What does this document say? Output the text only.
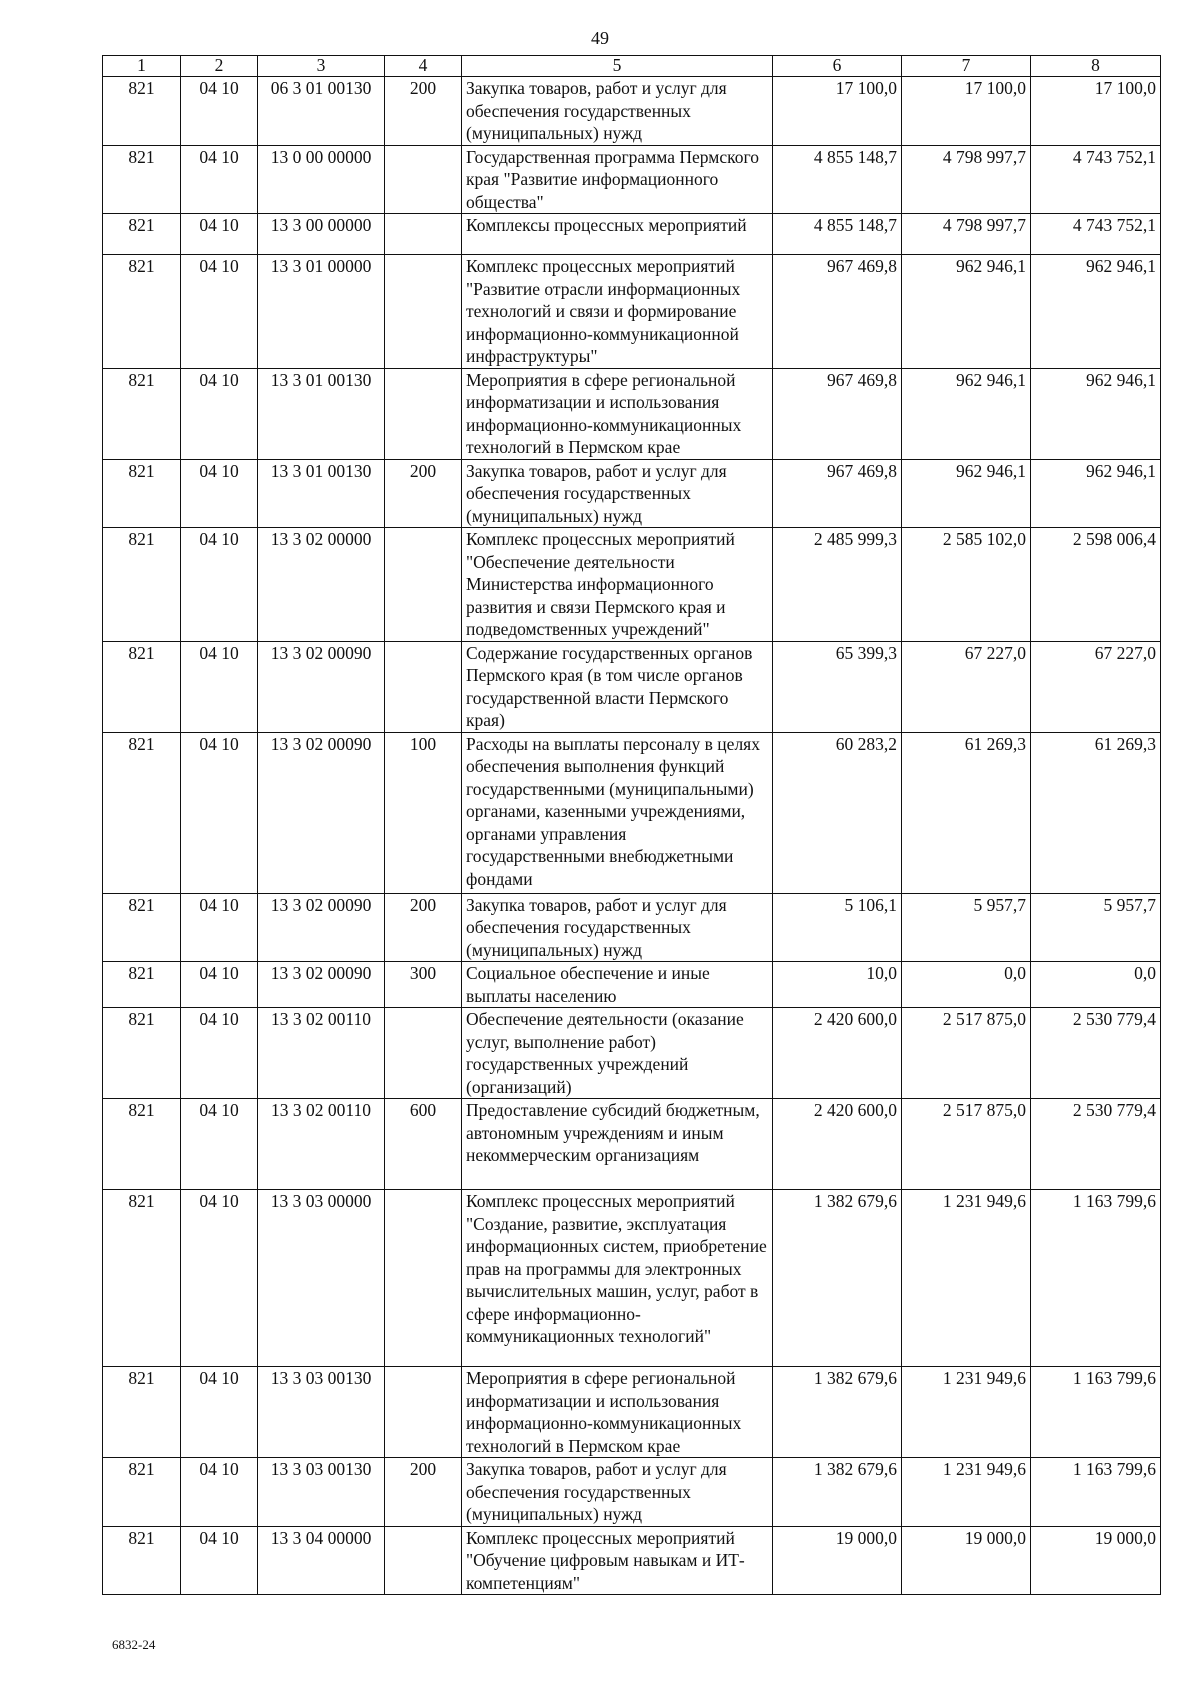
49
1	2	3	4	5	6	7	8
821	04 10	06 3 01 00130	200	Закупка товаров, работ и услуг для обеспечения государственных (муниципальных) нужд	17 100,0	17 100,0	17 100,0
821	04 10	13 0 00 00000		Государственная программа Пермского края "Развитие информационного общества"	4 855 148,7	4 798 997,7	4 743 752,1
821	04 10	13 3 00 00000		Комплексы процессных мероприятий	4 855 148,7	4 798 997,7	4 743 752,1
821	04 10	13 3 01 00000		Комплекс процессных мероприятий "Развитие отрасли информационных технологий и связи и формирование информационно-коммуникационной инфраструктуры"	967 469,8	962 946,1	962 946,1
821	04 10	13 3 01 00130		Мероприятия в сфере региональной информатизации и использования информационно-коммуникационных технологий в Пермском крае	967 469,8	962 946,1	962 946,1
821	04 10	13 3 01 00130	200	Закупка товаров, работ и услуг для обеспечения государственных (муниципальных) нужд	967 469,8	962 946,1	962 946,1
821	04 10	13 3 02 00000		Комплекс процессных мероприятий "Обеспечение деятельности Министерства информационного развития и связи Пермского края и подведомственных учреждений"	2 485 999,3	2 585 102,0	2 598 006,4
821	04 10	13 3 02 00090		Содержание государственных органов Пермского края (в том числе органов государственной власти Пермского края)	65 399,3	67 227,0	67 227,0
821	04 10	13 3 02 00090	100	Расходы на выплаты персоналу в целях обеспечения выполнения функций государственными (муниципальными) органами, казенными учреждениями, органами управления государственными внебюджетными фондами	60 283,2	61 269,3	61 269,3
821	04 10	13 3 02 00090	200	Закупка товаров, работ и услуг для обеспечения государственных (муниципальных) нужд	5 106,1	5 957,7	5 957,7
821	04 10	13 3 02 00090	300	Социальное обеспечение и иные выплаты населению	10,0	0,0	0,0
821	04 10	13 3 02 00110		Обеспечение деятельности (оказание услуг, выполнение работ) государственных учреждений (организаций)	2 420 600,0	2 517 875,0	2 530 779,4
821	04 10	13 3 02 00110	600	Предоставление субсидий бюджетным, автономным учреждениям и иным некоммерческим организациям	2 420 600,0	2 517 875,0	2 530 779,4
821	04 10	13 3 03 00000		Комплекс процессных мероприятий "Создание, развитие, эксплуатация информационных систем, приобретение прав на программы для электронных вычислительных машин, услуг, работ в сфере информационно-коммуникационных технологий"	1 382 679,6	1 231 949,6	1 163 799,6
821	04 10	13 3 03 00130		Мероприятия в сфере региональной информатизации и использования информационно-коммуникационных технологий в Пермском крае	1 382 679,6	1 231 949,6	1 163 799,6
821	04 10	13 3 03 00130	200	Закупка товаров, работ и услуг для обеспечения государственных (муниципальных) нужд	1 382 679,6	1 231 949,6	1 163 799,6
821	04 10	13 3 04 00000		Комплекс процессных мероприятий "Обучение цифровым навыкам и ИТ-компетенциям"	19 000,0	19 000,0	19 000,0
6832-24
